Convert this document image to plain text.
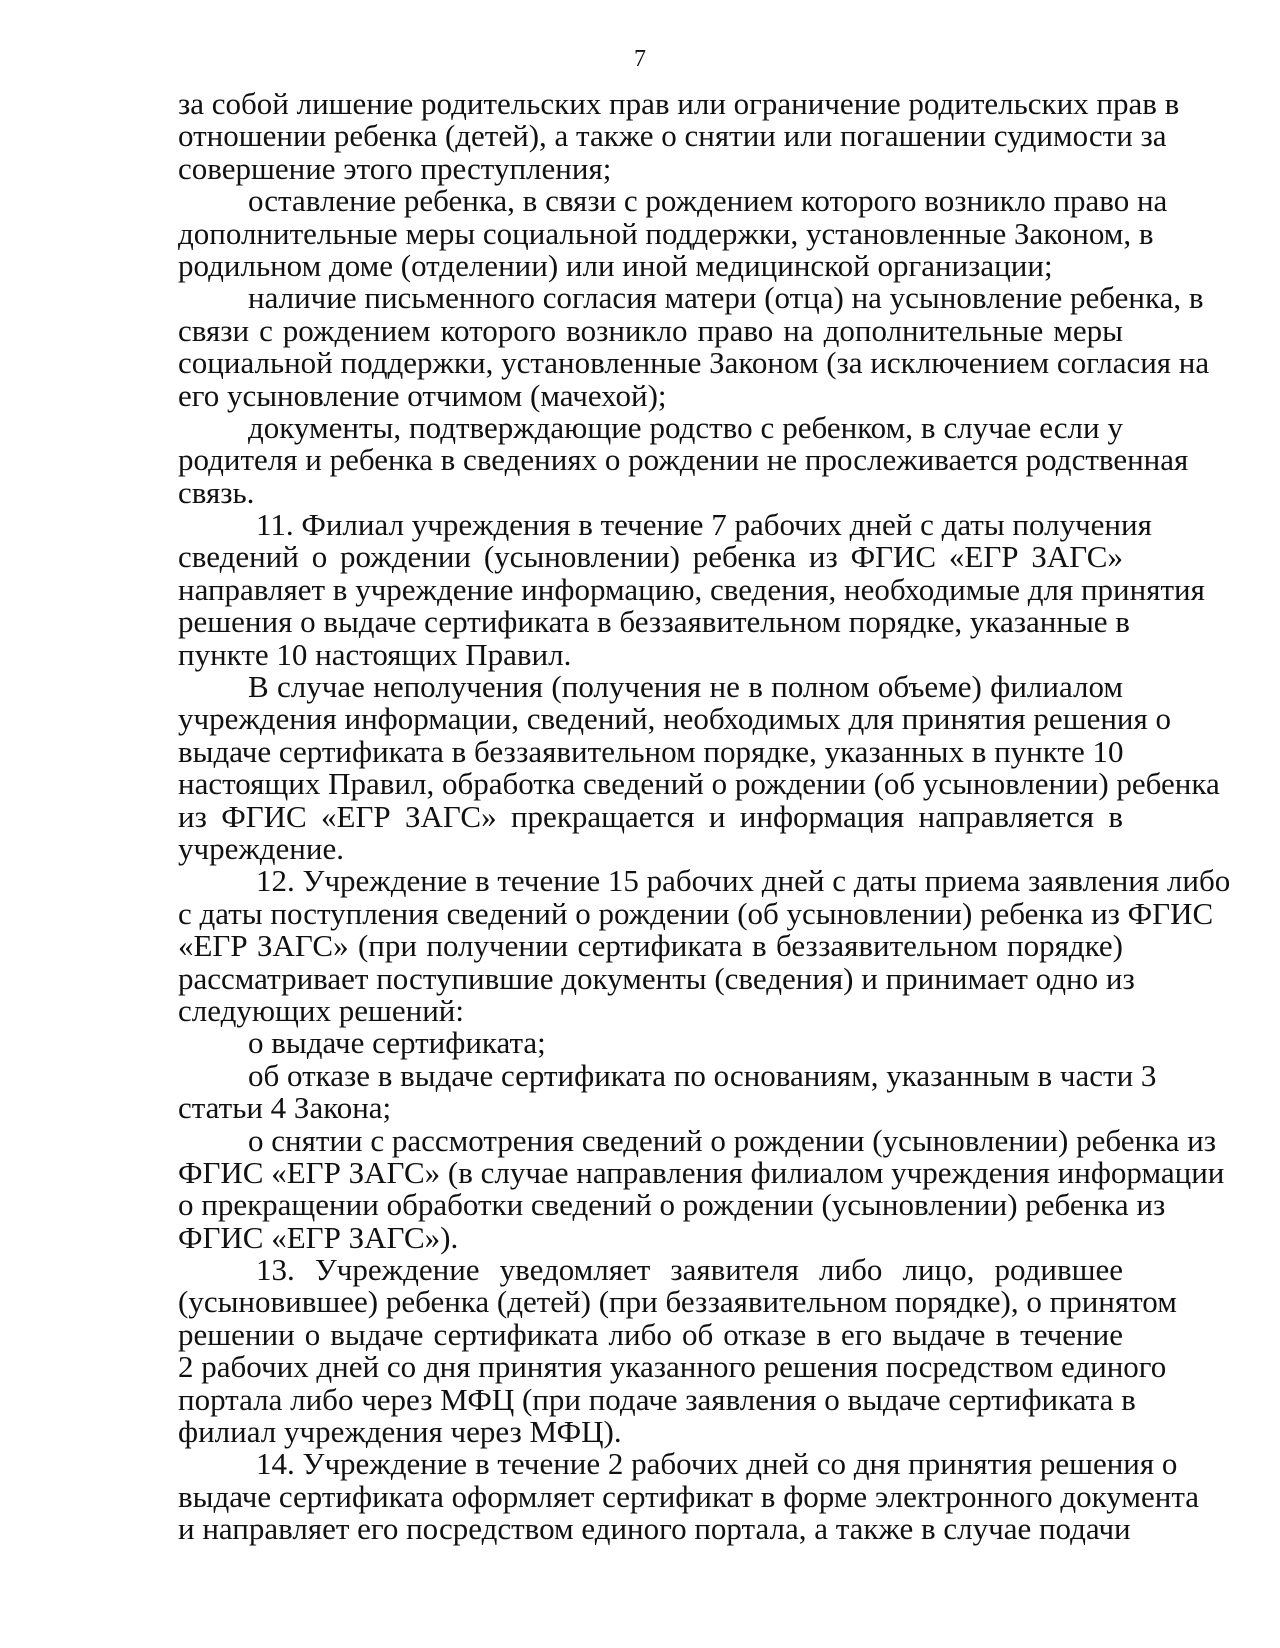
7
за собой лишение родительских прав или ограничение родительских прав в
отношении ребенка (детей), а также о снятии или погашении судимости за
совершение этого преступления;
оставление ребенка, в связи с рождением которого возникло право на
дополнительные меры социальной поддержки, установленные Законом, в
родильном доме (отделении) или иной медицинской организации;
наличие письменного согласия матери (отца) на усыновление ребенка, в
связи с рождением которого возникло право на дополнительные меры
социальной поддержки, установленные Законом (за исключением согласия на
его усыновление отчимом (мачехой);
документы, подтверждающие родство с ребенком, в случае если у
родителя и ребенка в сведениях о рождении не прослеживается родственная
связь.
11. Филиал учреждения в течение 7 рабочих дней с даты получения
сведений о рождении (усыновлении) ребенка из ФГИС «ЕГР ЗАГС»
направляет в учреждение информацию, сведения, необходимые для принятия
решения о выдаче сертификата в беззаявительном порядке, указанные в
пункте 10 настоящих Правил.
В случае неполучения (получения не в полном объеме) филиалом
учреждения информации, сведений, необходимых для принятия решения о
выдаче сертификата в беззаявительном порядке, указанных в пункте 10
настоящих Правил, обработка сведений о рождении (об усыновлении) ребенка
из ФГИС «ЕГР ЗАГС» прекращается и информация направляется в
учреждение.
12. Учреждение в течение 15 рабочих дней с даты приема заявления либо
с даты поступления сведений о рождении (об усыновлении) ребенка из ФГИС
«ЕГР ЗАГС» (при получении сертификата в беззаявительном порядке)
рассматривает поступившие документы (сведения) и принимает одно из
следующих решений:
о выдаче сертификата;
об отказе в выдаче сертификата по основаниям, указанным в части 3
статьи 4 Закона;
о снятии с рассмотрения сведений о рождении (усыновлении) ребенка из
ФГИС «ЕГР ЗАГС» (в случае направления филиалом учреждения информации
о прекращении обработки сведений о рождении (усыновлении) ребенка из
ФГИС «ЕГР ЗАГС»).
13. Учреждение уведомляет заявителя либо лицо, родившее
(усыновившее) ребенка (детей) (при беззаявительном порядке), о принятом
решении о выдаче сертификата либо об отказе в его выдаче в течение
2 рабочих дней со дня принятия указанного решения посредством единого
портала либо через МФЦ (при подаче заявления о выдаче сертификата в
филиал учреждения через МФЦ).
14. Учреждение в течение 2 рабочих дней со дня принятия решения о
выдаче сертификата оформляет сертификат в форме электронного документа
и направляет его посредством единого портала, а также в случае подачи
